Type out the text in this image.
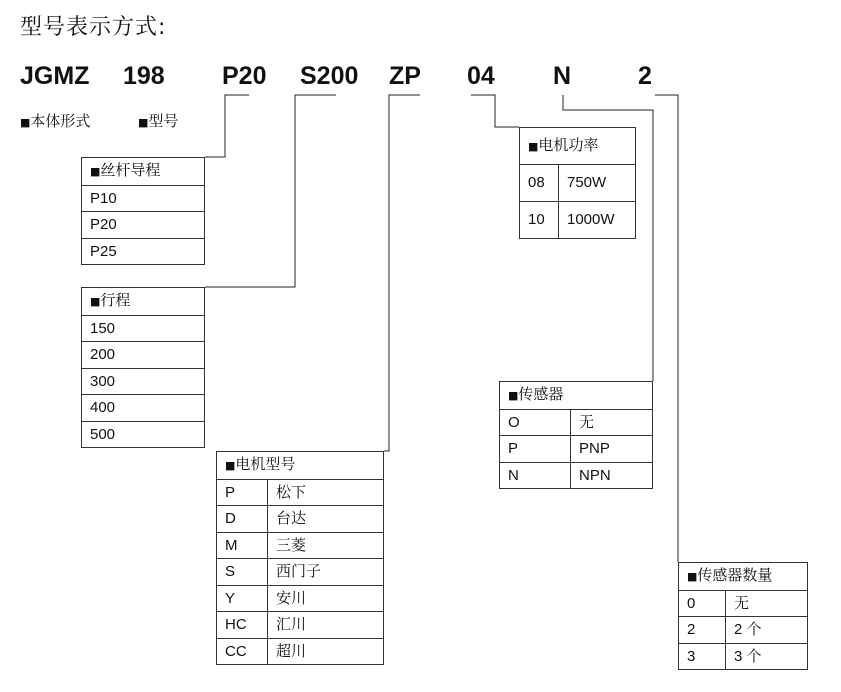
型号表示方式:
JGMZ 198 P20 S200 ZP 04 N	2
■本体形式	■型号
■丝杆导程
P10
P20
P25
■行程
150
200
300
400
500
■电机型号	
P	松下
D	台达
M	三菱
S	西门子
Y	安川
HC	汇川
CC	超川
■电机功率	
08	750W
10	1000W
■传感器	
O	无
P	PNP
N	NPN
■传感器数量	
0	无
2	2 个
3	3 个
